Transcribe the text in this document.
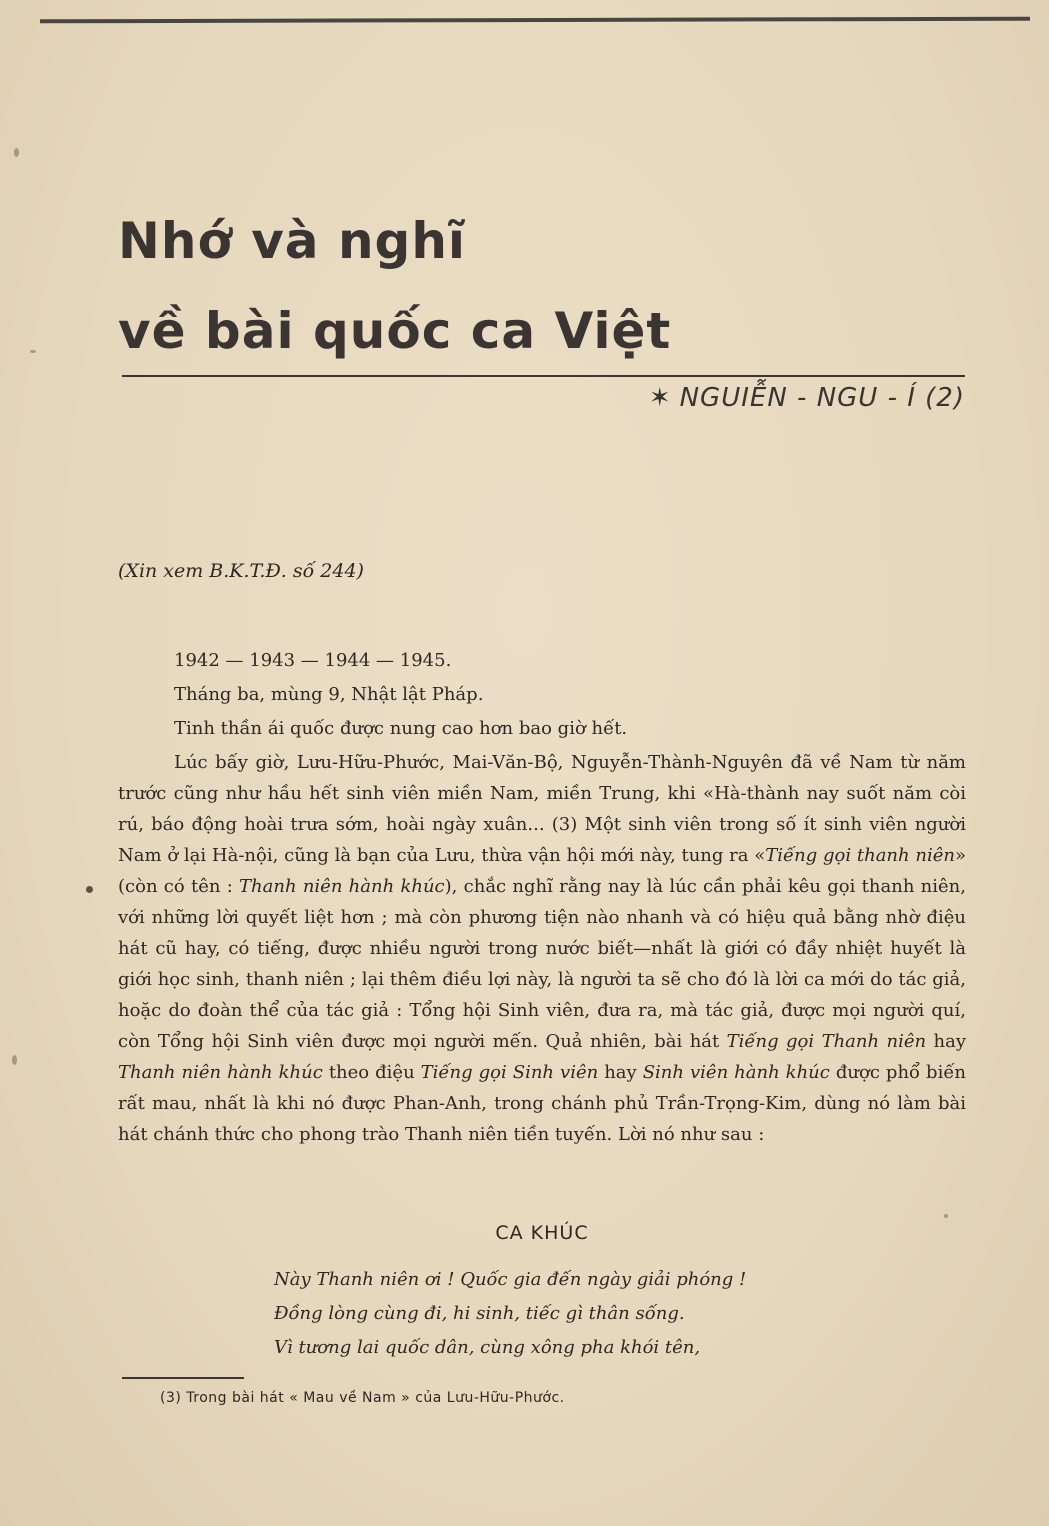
Nhớ và nghĩ
về bài quốc ca Việt
✶ NGUIỄN - NGU - Í (2)
(Xin xem B.K.T.Đ. số 244)

1942 — 1943 — 1944 — 1945.

Tháng ba, mùng 9, Nhật lật Pháp.

Tinh thần ái quốc được nung cao hơn bao giờ hết.

Lúc bấy giờ, Lưu-Hữu-Phước, Mai-Văn-Bộ, Nguyễn-Thành-Nguyên đã về Nam từ năm trước cũng như hầu hết sinh viên miền Nam, miền Trung, khi «Hà-thành nay suốt năm còi rú, báo động hoài trưa sớm, hoài ngày xuân... (3) Một sinh viên trong số ít sinh viên người Nam ở lại Hà-nội, cũng là bạn của Lưu, thừa vận hội mới này, tung ra «Tiếng gọi thanh niên» (còn có tên : Thanh niên hành khúc), chắc nghĩ rằng nay là lúc cần phải kêu gọi thanh niên, với những lời quyết liệt hơn ; mà còn phương tiện nào nhanh và có hiệu quả bằng nhờ điệu hát cũ hay, có tiếng, được nhiều người trong nước biết—nhất là giới có đầy nhiệt huyết là giới học sinh, thanh niên ; lại thêm điều lợi này, là người ta sẽ cho đó là lời ca mới do tác giả, hoặc do đoàn thể của tác giả : Tổng hội Sinh viên, đưa ra, mà tác giả, được mọi người quí, còn Tổng hội Sinh viên được mọi người mến. Quả nhiên, bài hát Tiếng gọi Thanh niên hay Thanh niên hành khúc theo điệu Tiếng gọi Sinh viên hay Sinh viên hành khúc được phổ biến rất mau, nhất là khi nó được Phan-Anh, trong chánh phủ Trần-Trọng-Kim, dùng nó làm bài hát chánh thức cho phong trào Thanh niên tiền tuyến. Lời nó như sau :

CA KHÚC
Này Thanh niên ơi ! Quốc gia đến ngày giải phóng !
Đồng lòng cùng đi, hi sinh, tiếc gì thân sống.
Vì tương lai quốc dân, cùng xông pha khói tên,
(3) Trong bài hát « Mau về Nam » của Lưu-Hữu-Phước.
